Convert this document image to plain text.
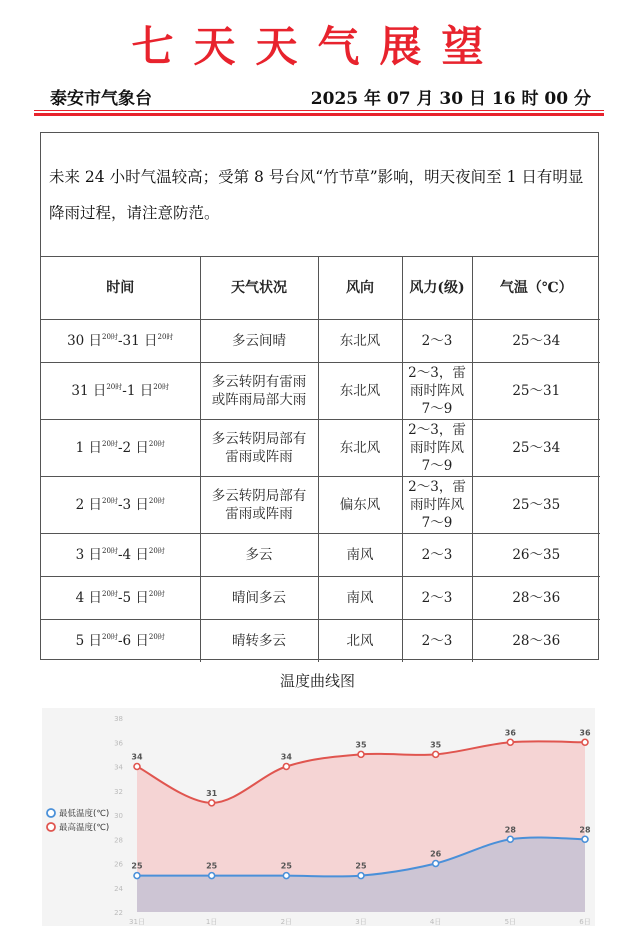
七天天气展望
泰安市气象台	2025 年 07 月 30 日 16 时 00 分
未来 24 小时气温较高；受第 8 号台风“竹节草”影响，明天夜间至 1 日有明显降雨过程，请注意防范。
时间	天气状况	风向	风力(级)	气温（℃）
30 日$^{20时}$-31 日$^{20时}$	多云间晴	东北风	2～3	25～34
31 日$^{20时}$-1 日$^{20时}$	多云转阴有雷雨或阵雨局部大雨	东北风	2～3，雷雨时阵风 7～9	25～31
1 日$^{20时}$-2 日$^{20时}$	多云转阴局部有雷雨或阵雨	东北风	2～3，雷雨时阵风 7～9	25～34
2 日$^{20时}$-3 日$^{20时}$	多云转阴局部有雷雨或阵雨	偏东风	2～3，雷雨时阵风 7～9	25～35
3 日$^{20时}$-4 日$^{20时}$	多云	南风	2～3	26～35
4 日$^{20时}$-5 日$^{20时}$	晴间多云	南风	2～3	28～36
5 日$^{20时}$-6 日$^{20时}$	晴转多云	北风	2～3	28～36
温度曲线图
34
31
34
35	35
36	36
25	25	25	25
26
28	28
22
24
26
28
30
32
34
36
38
31日	1日	2日	3日	4日	5日	6日
最低温度(℃)
最高温度(℃)
